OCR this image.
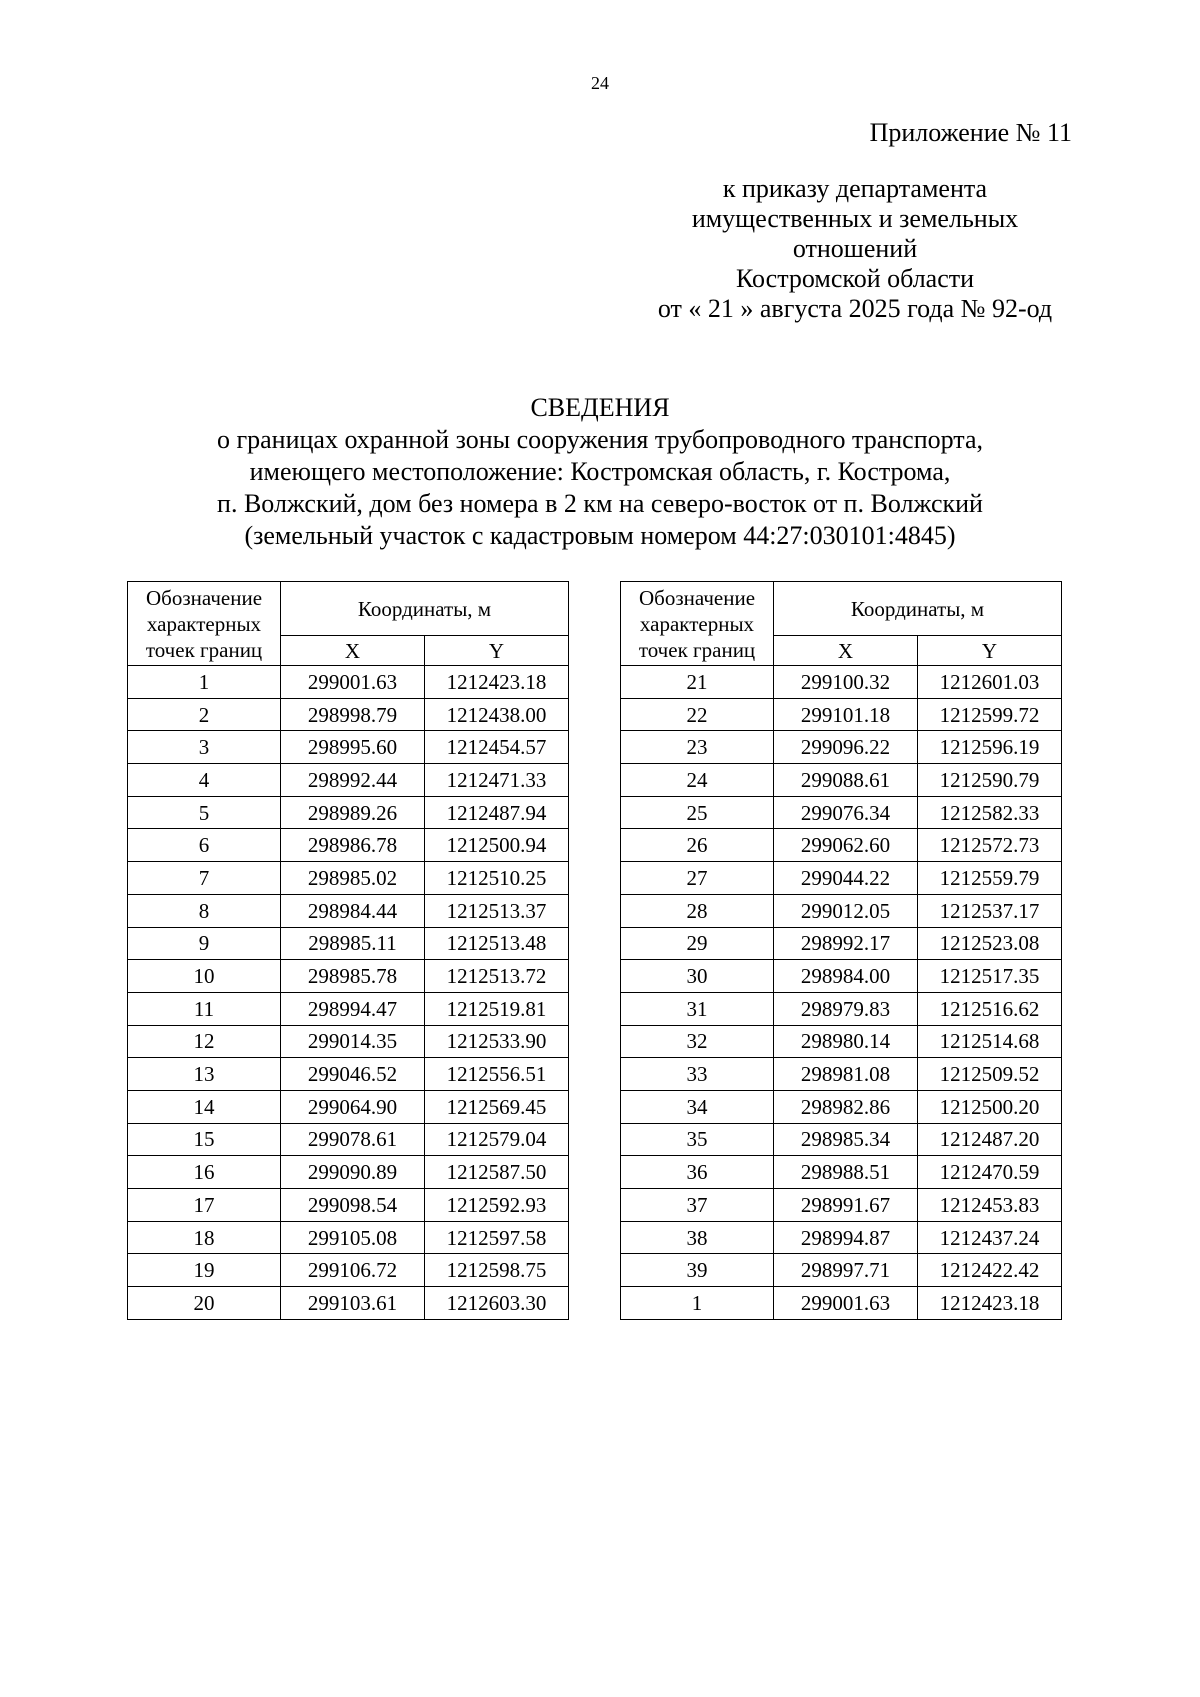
24
Приложение № 11
к приказу департамента
имущественных и земельных
отношений
Костромской области
от « 21 » августа 2025 года № 92-од
СВЕДЕНИЯ
о границах охранной зоны сооружения трубопроводного транспорта,
имеющего местоположение: Костромская область, г. Кострома,
п. Волжский, дом без номера в 2 км на северо-восток от п. Волжский
(земельный участок с кадастровым номером 44:27:030101:4845)
Обозначение характерных точек границ	Координаты, м	
	X	Y
1	299001.63	1212423.18
2	298998.79	1212438.00
3	298995.60	1212454.57
4	298992.44	1212471.33
5	298989.26	1212487.94
6	298986.78	1212500.94
7	298985.02	1212510.25
8	298984.44	1212513.37
9	298985.11	1212513.48
10	298985.78	1212513.72
11	298994.47	1212519.81
12	299014.35	1212533.90
13	299046.52	1212556.51
14	299064.90	1212569.45
15	299078.61	1212579.04
16	299090.89	1212587.50
17	299098.54	1212592.93
18	299105.08	1212597.58
19	299106.72	1212598.75
20	299103.61	1212603.30
Обозначение характерных точек границ	Координаты, м	
	X	Y
21	299100.32	1212601.03
22	299101.18	1212599.72
23	299096.22	1212596.19
24	299088.61	1212590.79
25	299076.34	1212582.33
26	299062.60	1212572.73
27	299044.22	1212559.79
28	299012.05	1212537.17
29	298992.17	1212523.08
30	298984.00	1212517.35
31	298979.83	1212516.62
32	298980.14	1212514.68
33	298981.08	1212509.52
34	298982.86	1212500.20
35	298985.34	1212487.20
36	298988.51	1212470.59
37	298991.67	1212453.83
38	298994.87	1212437.24
39	298997.71	1212422.42
1	299001.63	1212423.18
